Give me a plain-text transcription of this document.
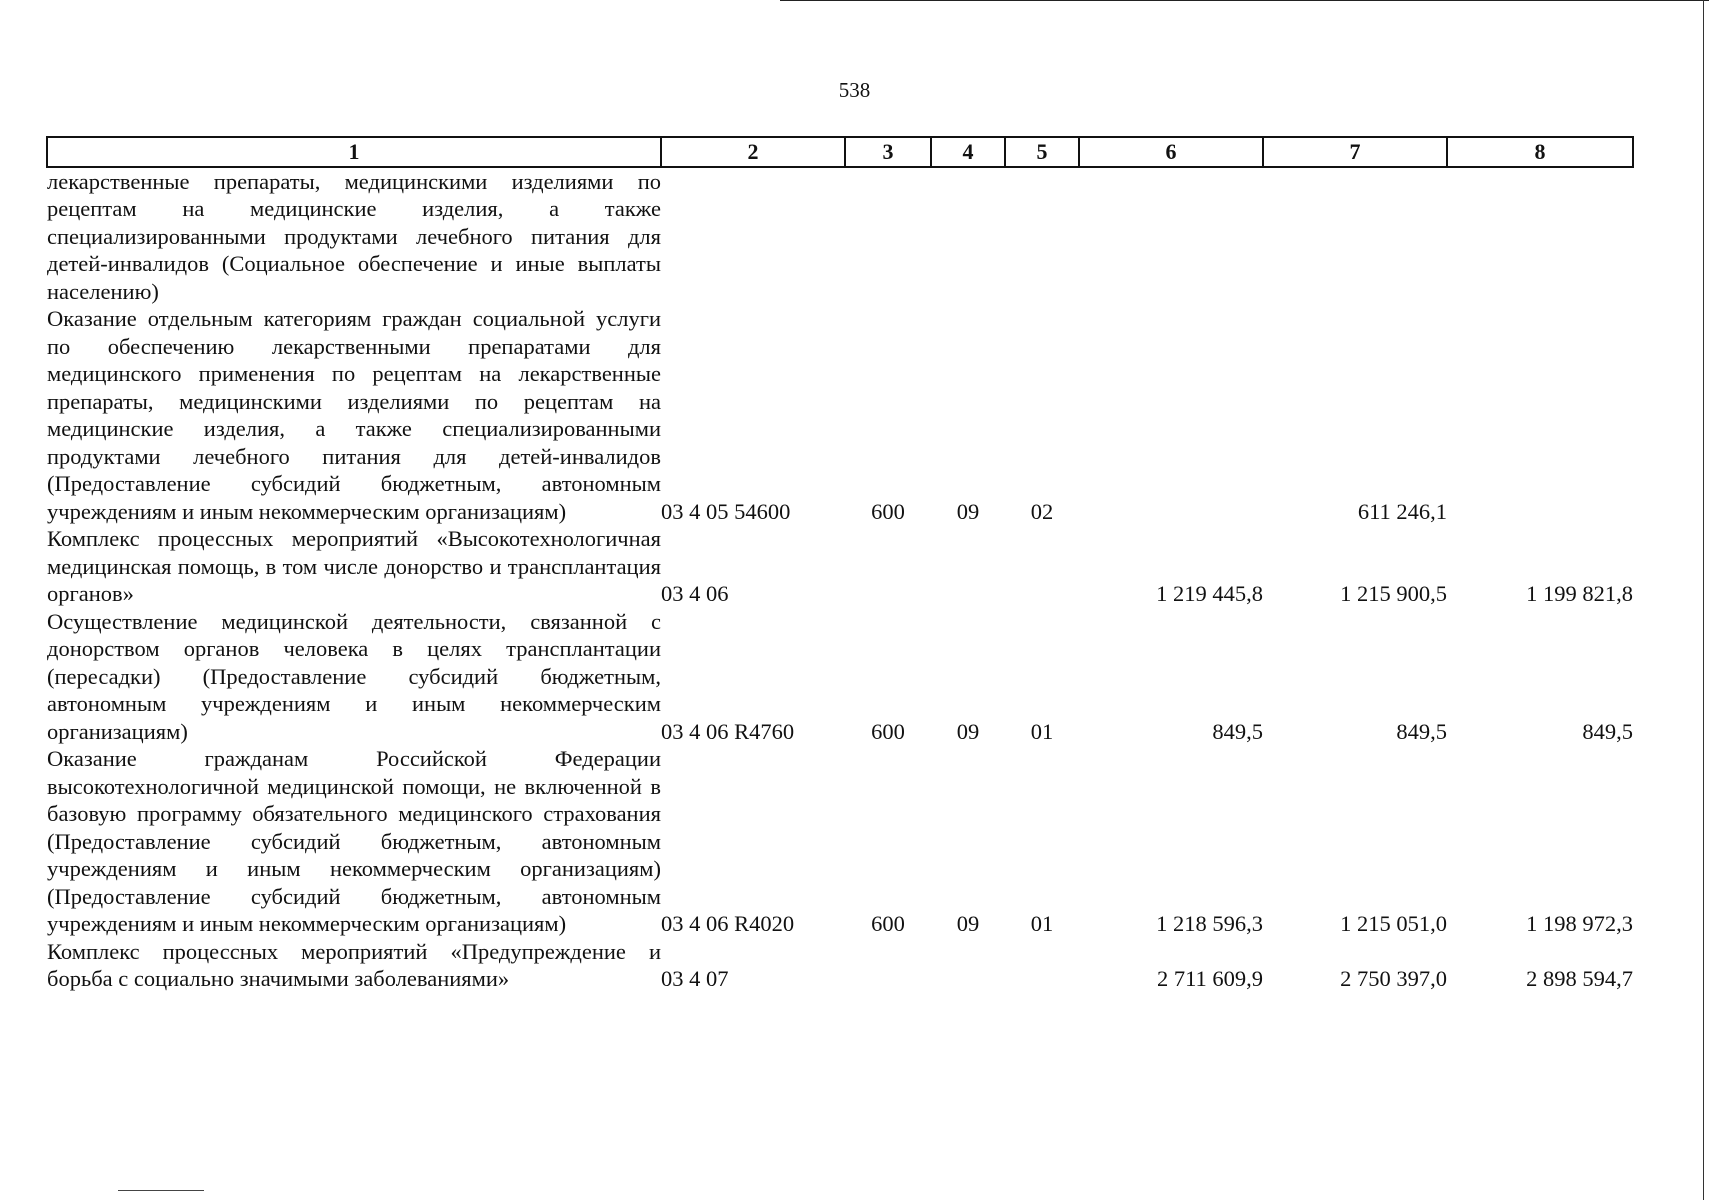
538
1	2	3	4	5	6	7	8
лекарственные препараты, медицинскими изделиями по рецептам на медицинские изделия, а также специализированными продуктами лечебного питания для детей-инвалидов (Социальное обеспечение и иные выплаты населению)							
Оказание отдельным категориям граждан социальной услуги по обеспечению лекарственными препаратами для медицинского применения по рецептам на лекарственные препараты, медицинскими изделиями по рецептам на медицинские изделия, а также специализированными продуктами лечебного питания для детей-инвалидов (Предоставление субсидий бюджетным, автономным учреждениям и иным некоммерческим организациям)	03 4 05 54600	600	09	02		611 246,1	
Комплекс процессных мероприятий «Высокотехнологичная медицинская помощь, в том числе донорство и трансплантация органов»	03 4 06				1 219 445,8	1 215 900,5	1 199 821,8
Осуществление медицинской деятельности, связанной с донорством органов человека в целях трансплантации (пересадки) (Предоставление субсидий бюджетным, автономным учреждениям и иным некоммерческим организациям)	03 4 06 R4760	600	09	01	849,5	849,5	849,5
Оказание гражданам Российской Федерации высокотехнологичной медицинской помощи, не включенной в базовую программу обязательного медицинского страхования (Предоставление субсидий бюджетным, автономным учреждениям и иным некоммерческим организациям) (Предоставление субсидий бюджетным, автономным учреждениям и иным некоммерческим организациям)	03 4 06 R4020	600	09	01	1 218 596,3	1 215 051,0	1 198 972,3
Комплекс процессных мероприятий «Предупреждение и борьба с социально значимыми заболеваниями»	03 4 07				2 711 609,9	2 750 397,0	2 898 594,7
